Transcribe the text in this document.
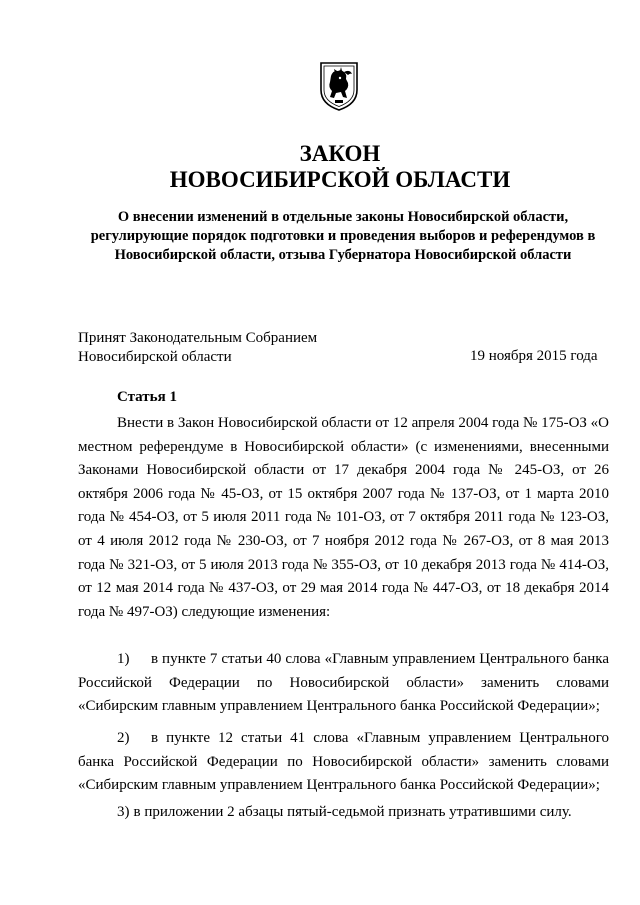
ЗАКОН
НОВОСИБИРСКОЙ ОБЛАСТИ

О внесении изменений в отдельные законы Новосибирской области, регулирующие порядок подготовки и проведения выборов и референдумов в Новосибирской области, отзыва Губернатора Новосибирской области

Принят Законодательным Собранием
Новосибирской области	19 ноября 2015 года

Статья 1

Внести в Закон Новосибирской области от 12 апреля 2004 года № 175-ОЗ «О местном референдуме в Новосибирской области» (с изменениями, внесенными Законами Новосибирской области от 17 декабря 2004 года № 245-ОЗ, от 26 октября 2006 года № 45-ОЗ, от 15 октября 2007 года № 137-ОЗ, от 1 марта 2010 года № 454-ОЗ, от 5 июля 2011 года № 101-ОЗ, от 7 октября 2011 года № 123-ОЗ, от 4 июля 2012 года № 230-ОЗ, от 7 ноября 2012 года № 267-ОЗ, от 8 мая 2013 года № 321-ОЗ, от 5 июля 2013 года № 355-ОЗ, от 10 декабря 2013 года № 414-ОЗ, от 12 мая 2014 года № 437-ОЗ, от 29 мая 2014 года № 447-ОЗ, от 18 декабря 2014 года № 497-ОЗ) следующие изменения:

1) в пункте 7 статьи 40 слова «Главным управлением Центрального банка Российской Федерации по Новосибирской области» заменить словами «Сибирским главным управлением Центрального банка Российской Федерации»;

2) в пункте 12 статьи 41 слова «Главным управлением Центрального банка Российской Федерации по Новосибирской области» заменить словами «Сибирским главным управлением Центрального банка Российской Федерации»;

3) в приложении 2 абзацы пятый-седьмой признать утратившими силу.
